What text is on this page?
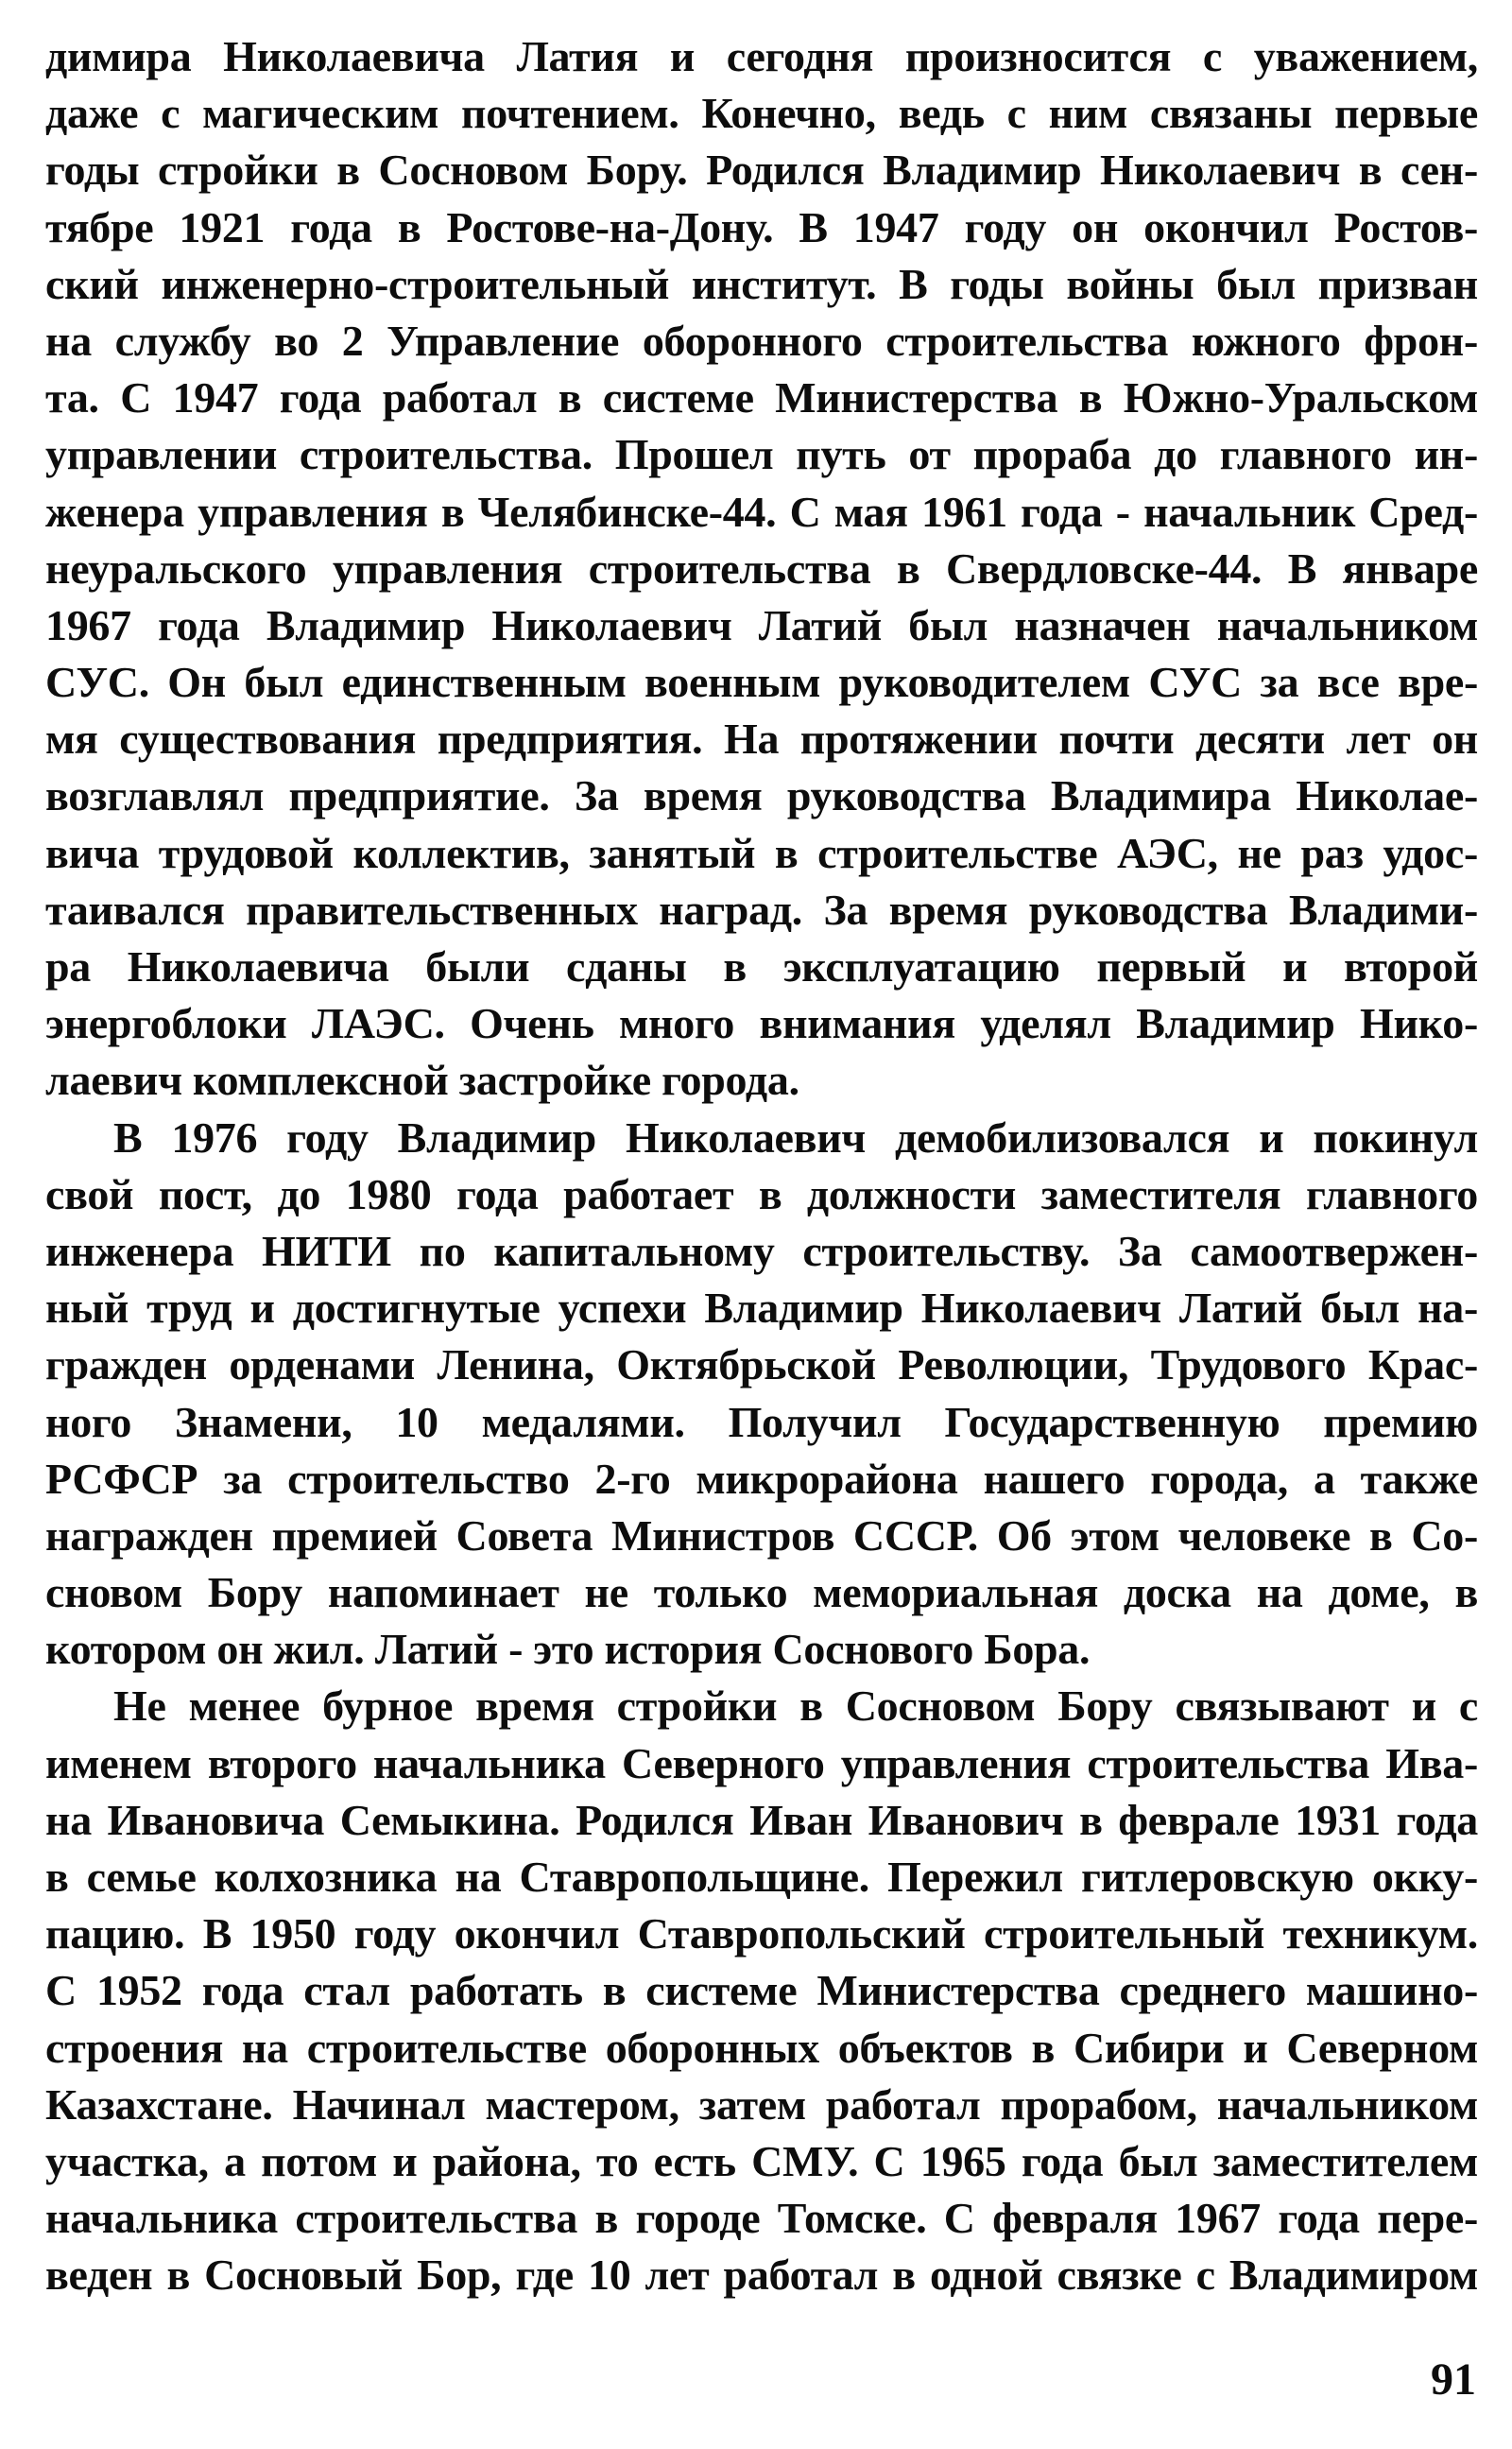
димира Николаевича Латия и сегодня произносится с уважением,
даже с магическим почтением. Конечно, ведь с ним связаны первые
годы стройки в Сосновом Бору. Родился Владимир Николаевич в сен-
тябре 1921 года в Ростове-на-Дону. В 1947 году он окончил Ростов-
ский инженерно-строительный институт. В годы войны был призван
на службу во 2 Управление оборонного строительства южного фрон-
та. С 1947 года работал в системе Министерства в Южно-Уральском
управлении строительства. Прошел путь от прораба до главного ин-
женера управления в Челябинске-44. С мая 1961 года - начальник Сред-
неуральского управления строительства в Свердловске-44. В январе
1967 года Владимир Николаевич Латий был назначен начальником
СУС. Он был единственным военным руководителем СУС за все вре-
мя существования предприятия. На протяжении почти десяти лет он
возглавлял предприятие. За время руководства Владимира Николае-
вича трудовой коллектив, занятый в строительстве АЭС, не раз удос-
таивался правительственных наград. За время руководства Владими-
ра Николаевича были сданы в эксплуатацию первый и второй
энергоблоки ЛАЭС. Очень много внимания уделял Владимир Нико-
лаевич комплексной застройке города.
В 1976 году Владимир Николаевич демобилизовался и покинул
свой пост, до 1980 года работает в должности заместителя главного
инженера НИТИ по капитальному строительству. За самоотвержен-
ный труд и достигнутые успехи Владимир Николаевич Латий был на-
гражден орденами Ленина, Октябрьской Революции, Трудового Крас-
ного Знамени, 10 медалями. Получил Государственную премию
РСФСР за строительство 2-го микрорайона нашего города, а также
награжден премией Совета Министров СССР. Об этом человеке в Со-
сновом Бору напоминает не только мемориальная доска на доме, в
котором он жил. Латий - это история Соснового Бора.
Не менее бурное время стройки в Сосновом Бору связывают и с
именем второго начальника Северного управления строительства Ива-
на Ивановича Семыкина. Родился Иван Иванович в феврале 1931 года
в семье колхозника на Ставропольщине. Пережил гитлеровскую окку-
пацию. В 1950 году окончил Ставропольский строительный техникум.
С 1952 года стал работать в системе Министерства среднего машино-
строения на строительстве оборонных объектов в Сибири и Северном
Казахстане. Начинал мастером, затем работал прорабом, начальником
участка, а потом и района, то есть СМУ. С 1965 года был заместителем
начальника строительства в городе Томске. С февраля 1967 года пере-
веден в Сосновый Бор, где 10 лет работал в одной связке с Владимиром
91
